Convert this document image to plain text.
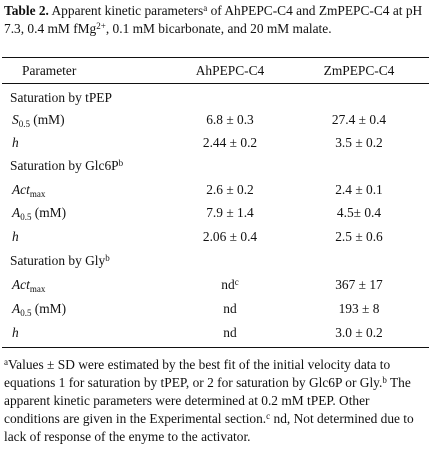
Table 2. Apparent kinetic parameters$^a$ of AhPEPC-C4 and ZmPEPC-C4 at pH 7.3, 0.4 mM fMg$^{2+}$, 0.1 mM bicarbonate, and 20 mM malate.
Parameter	AhPEPC-C4	ZmPEPC-C4
Saturation by tPEP
$S_{0.5}$ (mM)	6.8 ± 0.3	27.4 ± 0.4
h	2.44 ± 0.2	3.5 ± 0.2
Saturation by $Glc6P^b$
Act$_{max}$	2.6 ± 0.2	2.4 ± 0.1
$A_{0.5}$ (mM)	7.9 ± 1.4	4.5± 0.4
h	2.06 ± 0.4	2.5 ± 0.6
Saturation by Gly$^b$
Act$_{max}$	$nd^c$	367 ± 17
$A_{0.5}$ (mM)	nd	193 ± 8
h	nd	3.0 ± 0.2
$^a$Values ± SD were estimated by the best fit of the initial velocity data to equations 1 for saturation by tPEP, or 2 for saturation by Glc6P or Gly.$^b$ The apparent kinetic parameters were determined at 0.2 mM tPEP. Other conditions are given in the Experimental section.$^c$ nd, Not determined due to lack of response of the enyme to the activator.
